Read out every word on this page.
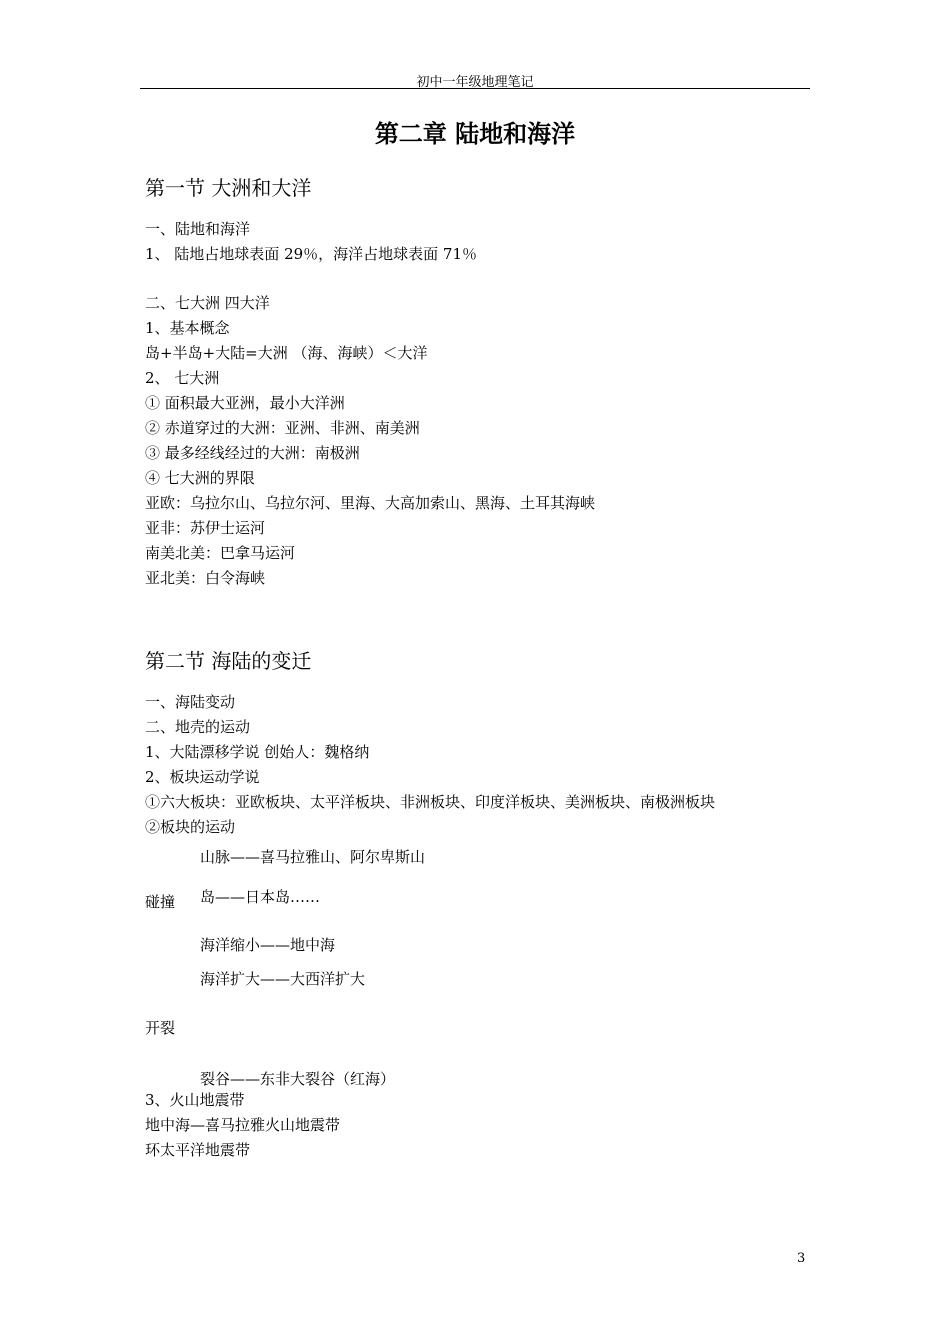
初中一年级地理笔记
第二章 陆地和海洋
第一节 大洲和大洋
一、陆地和海洋
1、 陆地占地球表面 29％，海洋占地球表面 71％
二、七大洲 四大洋
1、基本概念
岛+半岛+大陆=大洲 （海、海峡）＜大洋
2、 七大洲
① 面积最大亚洲，最小大洋洲
② 赤道穿过的大洲：亚洲、非洲、南美洲
③ 最多经线经过的大洲：南极洲
④ 七大洲的界限
亚欧：乌拉尔山、乌拉尔河、里海、大高加索山、黑海、土耳其海峡
亚非：苏伊士运河
南美北美：巴拿马运河
亚北美：白令海峡
第二节 海陆的变迁
一、海陆变动
二、地壳的运动
1、大陆漂移学说 创始人：魏格纳
2、板块运动学说
①六大板块：亚欧板块、太平洋板块、非洲板块、印度洋板块、美洲板块、南极洲板块
②板块的运动
山脉——喜马拉雅山、阿尔卑斯山
碰撞 岛——日本岛……
海洋缩小——地中海
海洋扩大——大西洋扩大
开裂
裂谷——东非大裂谷（红海）
3、火山地震带
地中海—喜马拉雅火山地震带
环太平洋地震带
3
